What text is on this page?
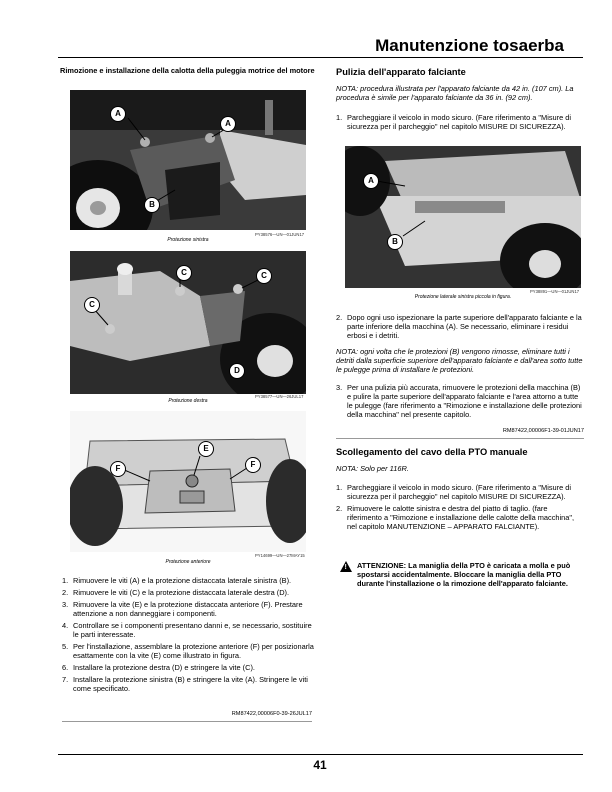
Manutenzione tosaerba
Rimozione e installazione della calotta della puleggia motrice del motore
A
A
B
PY38576—UN—01JUN17
Protezione sinistra
C	C
C
D
PY38577—UN—26JUL17
Protezione destra
E
F	F
PY14699—UN—27MAY15
Protezione anteriore
1. Rimuovere le viti (A) e la protezione distaccata laterale sinistra (B).
2. Rimuovere le viti (C) e la protezione distaccata laterale destra (D).
3. Rimuovere la vite (E) e la protezione distaccata anteriore (F). Prestare attenzione a non danneggiare i componenti.
4. Controllare se i componenti presentano danni e, se necessario, sostituire le parti interessate.
5. Per l'installazione, assemblare la protezione anteriore (F) per posizionarla esattamente con la vite (E) come illustrato in figura.
6. Installare la protezione destra (D) e stringere la vite (C).
7. Installare la protezione sinistra (B) e stringere la vite (A). Stringere le viti come specificato.
RM87422,00006F0-39-26JUL17
Pulizia dell'apparato falciante
NOTA: procedura illustrata per l'apparato falciante da 42 in. (107 cm). La procedura è simile per l'apparato falciante da 36 in. (92 cm).
1. Parcheggiare il veicolo in modo sicuro. (Fare riferimento a "Misure di sicurezza per il parcheggio" nel capitolo MISURE DI SICUREZZA).
A
B
PY38891—UN—01JUN17
Protezione laterale sinistra piccola in figura.
2. Dopo ogni uso ispezionare la parte superiore dell'apparato falciante e la parte inferiore della macchina (A). Se necessario, eliminare i residui erbosi e i detriti.
NOTA: ogni volta che le protezioni (B) vengono rimosse, eliminare tutti i detriti dalla superficie superiore dell'apparato falciante e dall'area sotto tutte le pulegge prima di installare le protezioni.
3. Per una pulizia più accurata, rimuovere le protezioni della macchina (B) e pulire la parte superiore dell'apparato falciante e l'area attorno a tutte le pulegge (fare riferimento a "Rimozione e installazione delle protezioni della macchina" nel presente capitolo.
RM87422,00006F1-39-01JUN17
Scollegamento del cavo della PTO manuale
NOTA: Solo per 116R.
1. Parcheggiare il veicolo in modo sicuro. (Fare riferimento a "Misure di sicurezza per il parcheggio" nel capitolo MISURE DI SICUREZZA).
2. Rimuovere le calotte sinistra e destra del piatto di taglio. (fare riferimento a "Rimozione e installazione delle calotte della macchina", nel capitolo MANUTENZIONE – APPARATO FALCIANTE).
! ATTENZIONE: La maniglia della PTO è caricata a molla e può spostarsi accidentalmente. Bloccare la maniglia della PTO durante l'installazione o la rimozione dell'apparato falciante.
41
